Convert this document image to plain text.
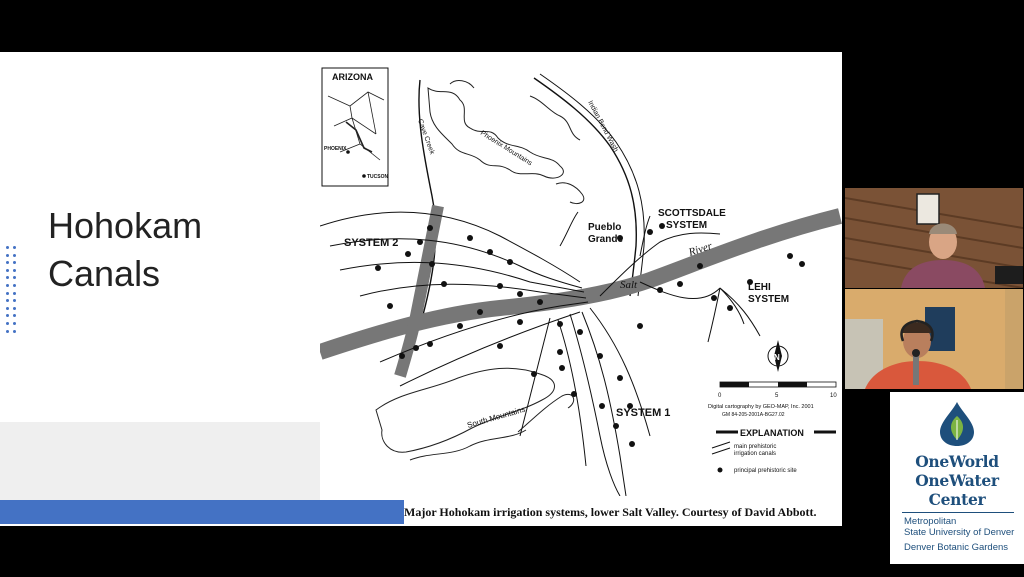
Hohokam
Canals
ARIZONA
PHOENIX
TUCSON
Phoenix Mountains
South Mountains
Cave Creek	Indian Bend Wash
Salt
River
SYSTEM 2
SYSTEM 1
SCOTTSDALE
SYSTEM
LEHI
SYSTEM
Pueblo
Grande
N
0	5	10
Digital cartography by GEO-MAP, Inc. 2001
GM 84-205-2001A-BG27.02
EXPLANATION
main prehistoric
irrigation canals
principal prehistoric site
Major Hohokam irrigation systems, lower Salt Valley. Courtesy of David Abbott.
OneWorld
OneWater
Center
Metropolitan
State University of Denver
Denver Botanic Gardens
